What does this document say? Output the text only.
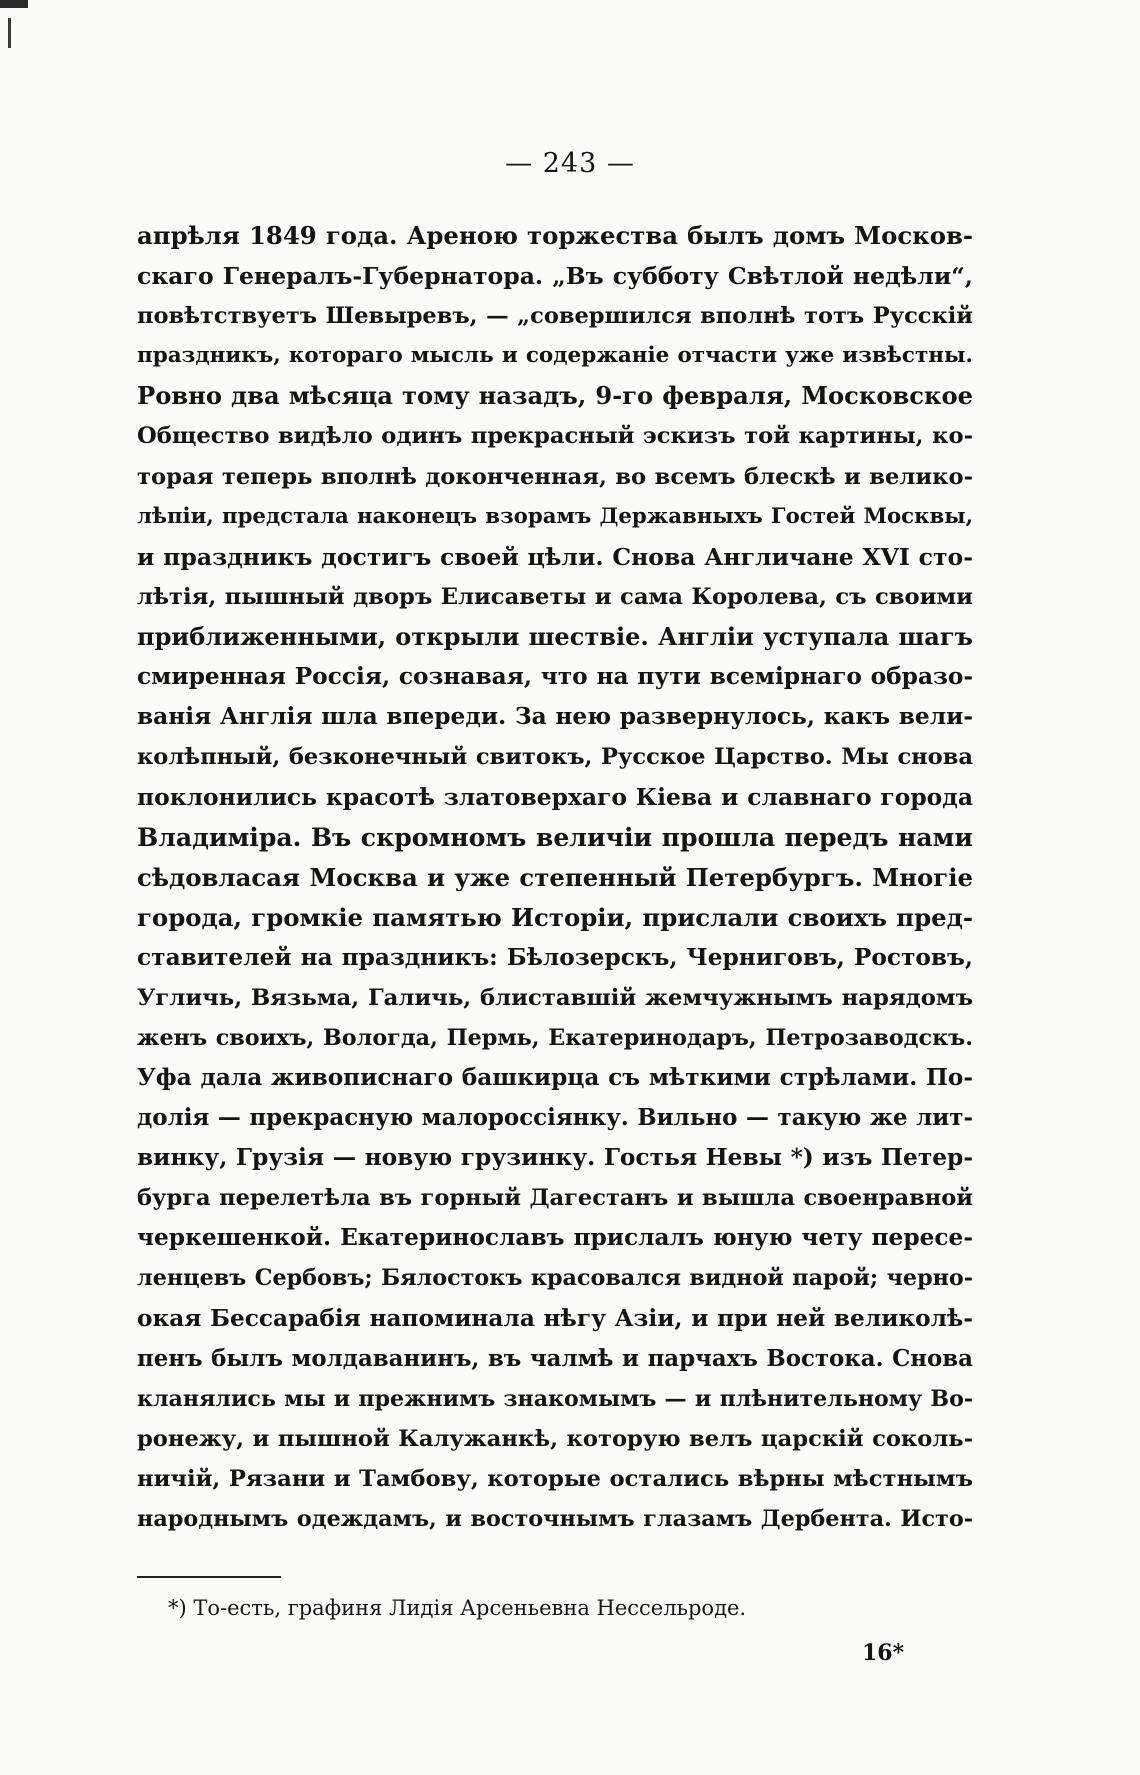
— 243 —
апрѣля 1849 года. Ареною торжества былъ домъ Москов-
скаго Генералъ-Губернатора. „Въ субботу Свѣтлой недѣли“,
повѣтствуетъ Шевыревъ, — „совершился вполнѣ тотъ Русскій
праздникъ, котораго мысль и содержаніе отчасти уже извѣстны.
Ровно два мѣсяца тому назадъ, 9-го февраля, Московское
Общество видѣло одинъ прекрасный эскизъ той картины, ко-
торая теперь вполнѣ доконченная, во всемъ блескѣ и велико-
лѣпіи, предстала наконецъ взорамъ Державныхъ Гостей Москвы,
и праздникъ достигъ своей цѣли. Снова Англичане XVI сто-
лѣтія, пышный дворъ Елисаветы и сама Королева, съ своими
приближенными, открыли шествіе. Англіи уступала шагъ
смиренная Россія, сознавая, что на пути всемірнаго образо-
ванія Англія шла впереди. За нею развернулось, какъ вели-
колѣпный, безконечный свитокъ, Русское Царство. Мы снова
поклонились красотѣ златоверхаго Кіева и славнаго города
Владиміра. Въ скромномъ величіи прошла передъ нами
сѣдовласая Москва и уже степенный Петербургъ. Многіе
города, громкіе памятью Исторіи, прислали своихъ пред-
ставителей на праздникъ: Бѣлозерскъ, Черниговъ, Ростовъ,
Угличь, Вязьма, Галичь, блиставшій жемчужнымъ нарядомъ
женъ своихъ, Вологда, Пермь, Екатеринодаръ, Петрозаводскъ.
Уфа дала живописнаго башкирца съ мѣткими стрѣлами. По-
долія — прекрасную малороссіянку. Вильно — такую же лит-
винку, Грузія — новую грузинку. Гостья Невы *) изъ Петер-
бурга перелетѣла въ горный Дагестанъ и вышла своенравной
черкешенкой. Екатеринославъ прислалъ юную чету пересе-
ленцевъ Сербовъ; Бялостокъ красовался видной парой; черно-
окая Бессарабія напоминала нѣгу Азіи, и при ней великолѣ-
пенъ былъ молдаванинъ, въ чалмѣ и парчахъ Востока. Снова
кланялись мы и прежнимъ знакомымъ — и плѣнительному Во-
ронежу, и пышной Калужанкѣ, которую велъ царскій соколь-
ничій, Рязани и Тамбову, которые остались вѣрны мѣстнымъ
народнымъ одеждамъ, и восточнымъ глазамъ Дербента. Исто-
*) То-есть, графиня Лидія Арсеньевна Нессельроде.
16*
